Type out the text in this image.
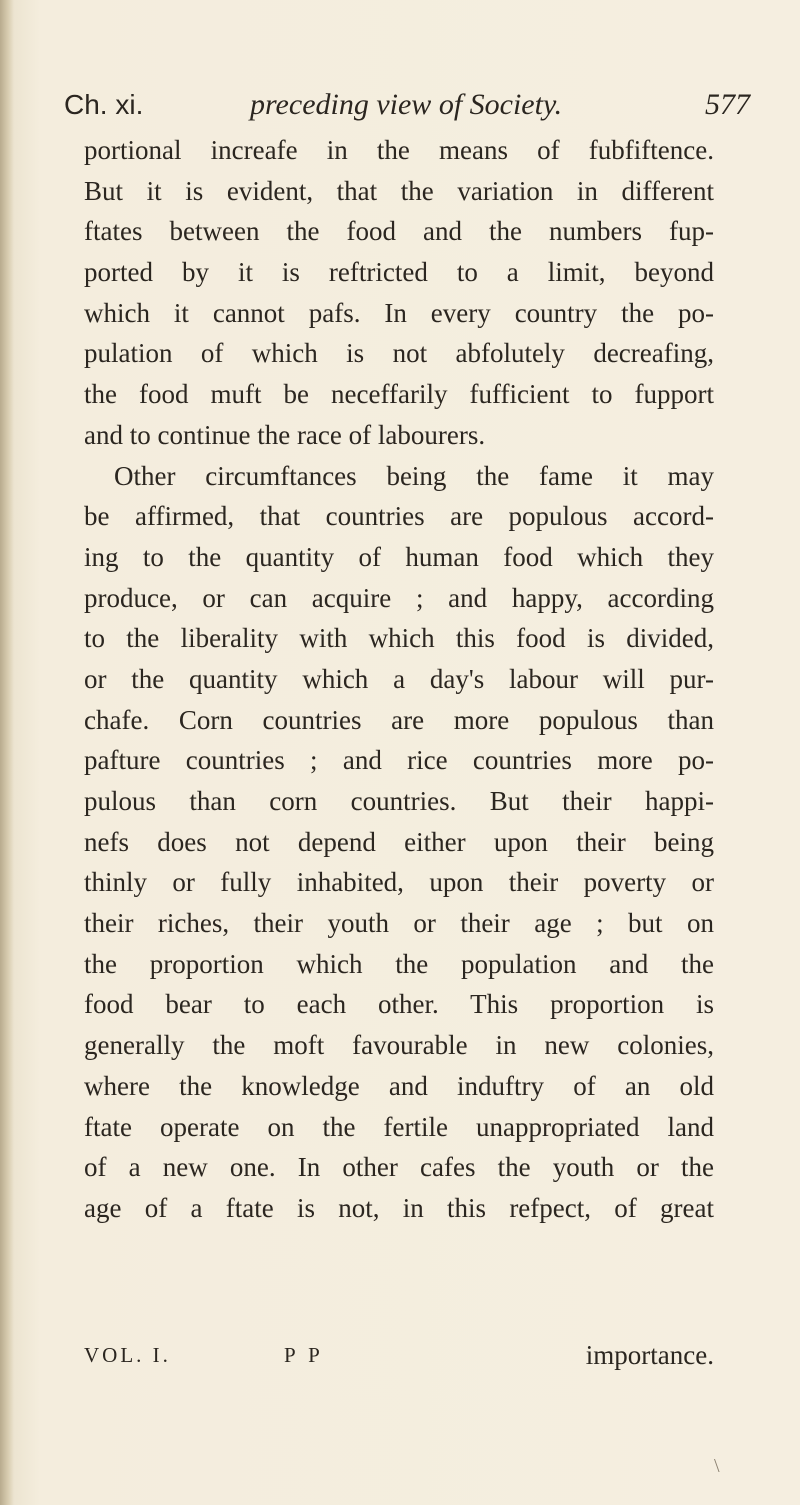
Ch. xi.	preceding view of Society.	577
portional increafe in the means of fubfiftence.
But it is evident, that the variation in different
ftates between the food and the numbers fup-
ported by it is reftricted to a limit, beyond
which it cannot pafs. In every country the po-
pulation of which is not abfolutely decreafing,
the food muft be neceffarily fufficient to fupport
and to continue the race of labourers.
Other circumftances being the fame it may
be affirmed, that countries are populous accord-
ing to the quantity of human food which they
produce, or can acquire ; and happy, according
to the liberality with which this food is divided,
or the quantity which a day's labour will pur-
chafe. Corn countries are more populous than
pafture countries ; and rice countries more po-
pulous than corn countries. But their happi-
nefs does not depend either upon their being
thinly or fully inhabited, upon their poverty or
their riches, their youth or their age ; but on
the proportion which the population and the
food bear to each other. This proportion is
generally the moft favourable in new colonies,
where the knowledge and induftry of an old
ftate operate on the fertile unappropriated land
of a new one. In other cafes the youth or the
age of a ftate is not, in this refpect, of great
VOL. I.	P P	importance.
\
